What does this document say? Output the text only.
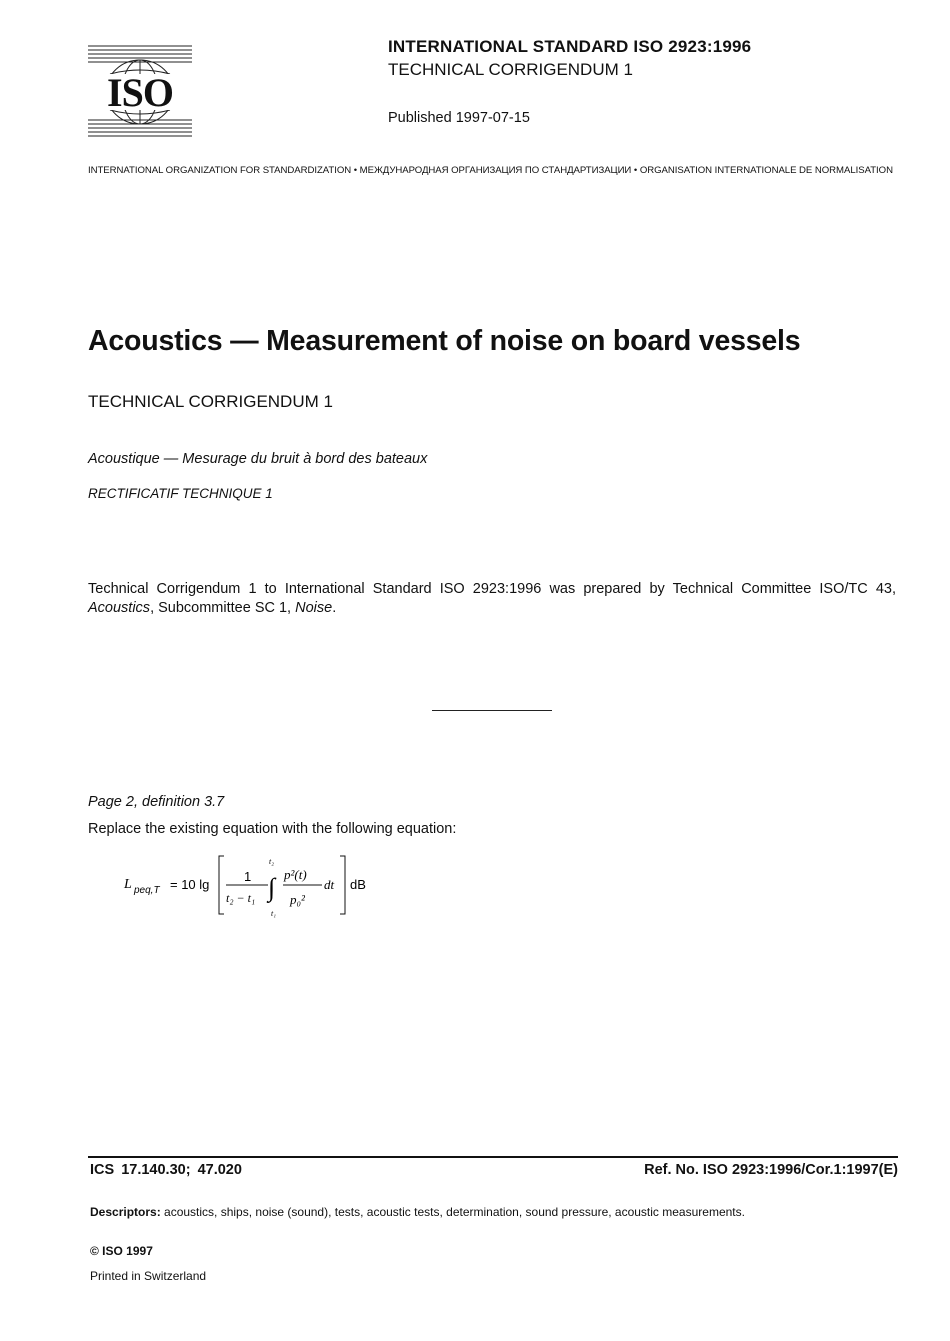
ISO
INTERNATIONAL STANDARD ISO 2923:1996
TECHNICAL CORRIGENDUM 1
Published 1997-07-15
INTERNATIONAL ORGANIZATION FOR STANDARDIZATION • МЕЖДУНАРОДНАЯ ОРГАНИЗАЦИЯ ПО СТАНДАРТИЗАЦИИ • ORGANISATION INTERNATIONALE DE NORMALISATION
Acoustics — Measurement of noise on board vessels
TECHNICAL CORRIGENDUM 1
Acoustique — Mesurage du bruit à bord des bateaux
RECTIFICATIF TECHNIQUE 1
Technical Corrigendum 1 to International Standard ISO 2923:1996 was prepared by Technical Committee ISO/TC 43, Acoustics, Subcommittee SC 1, Noise.
Page 2, definition 3.7
Replace the existing equation with the following equation:
L peq,T = 10 lg
1
t₂ − t₁
t₂
∫
t₁
p²(t)
p₀²
dt dB
ICS 17.140.30; 47.020	Ref. No. ISO 2923:1996/Cor.1:1997(E)
Descriptors: acoustics, ships, noise (sound), tests, acoustic tests, determination, sound pressure, acoustic measurements.
© ISO 1997
Printed in Switzerland
